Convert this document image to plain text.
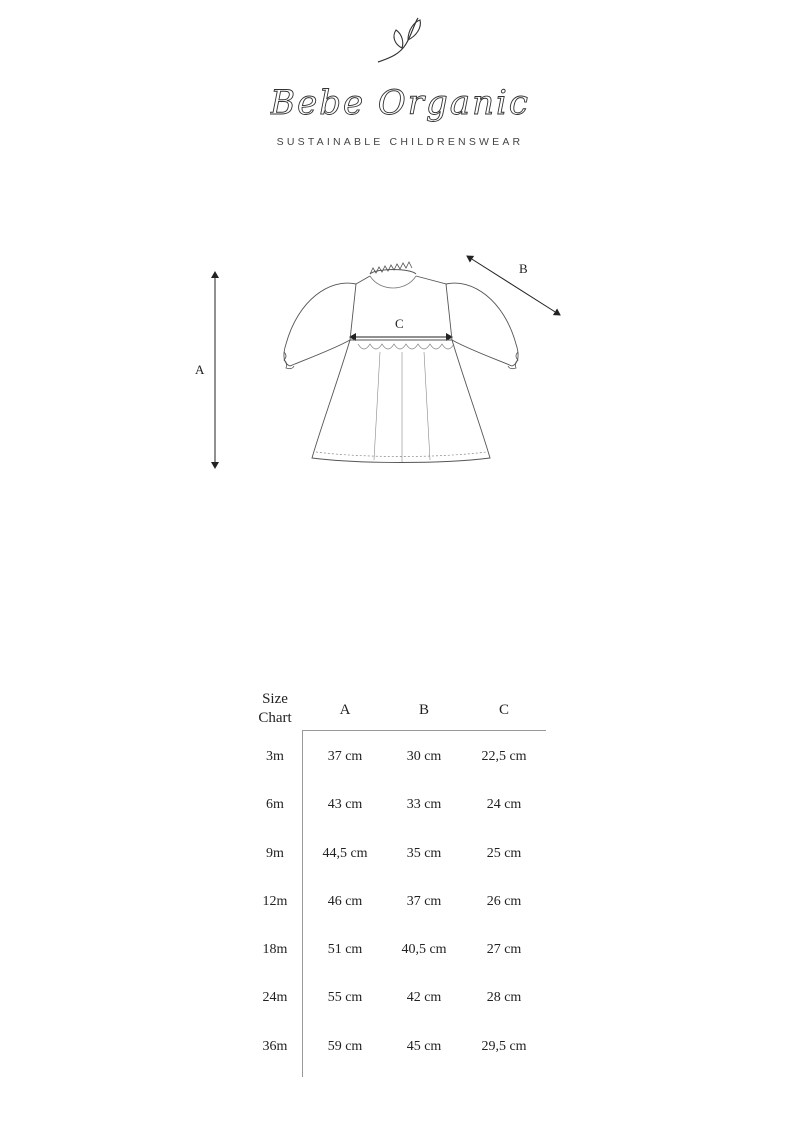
Bebe Organic
SUSTAINABLE CHILDRENSWEAR
A
B
C
Size
Chart	A	B	C
3m	37 cm	30 cm	22,5 cm
6m	43 cm	33 cm	24 cm
9m	44,5 cm	35 cm	25 cm
12m	46 cm	37 cm	26 cm
18m	51 cm	40,5 cm	27 cm
24m	55 cm	42 cm	28 cm
36m	59 cm	45 cm	29,5 cm
